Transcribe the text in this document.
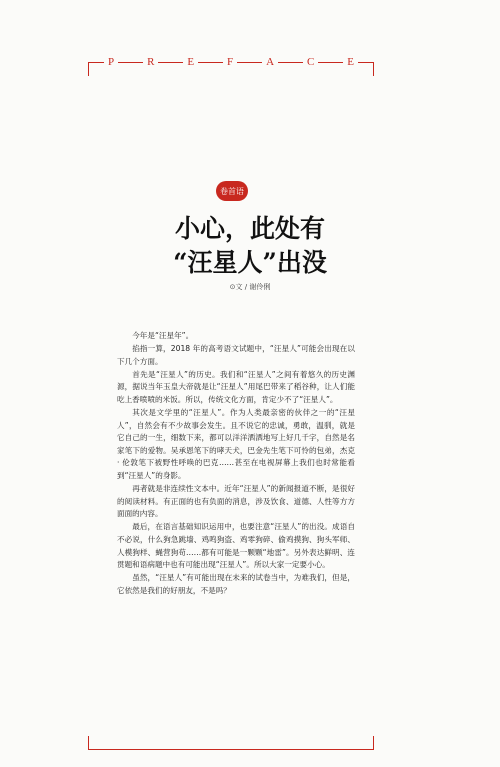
P	R	E	F	A	C	E
卷首语
小心，此处有
“汪星人”出没
⊙文 / 谢伶俐

今年是“汪星年”。

掐指一算，2018 年的高考语文试题中，“汪星人”可能会出现在以下几个方面。

首先是“汪星人”的历史。我们和“汪星人”之间有着悠久的历史渊源，据说当年玉皇大帝就是让“汪星人”用尾巴带来了稻谷种，让人们能吃上香喷喷的米饭。所以，传统文化方面，肯定少不了“汪星人”。

其次是文学里的“汪星人”。作为人类最亲密的伙伴之一的“汪星人”，自然会有不少故事会发生。且不说它的忠诚，勇敢，温驯，就是它自己的一生，细数下来，都可以洋洋洒洒地写上好几千字，自然是名家笔下的爱物。吴承恩笔下的哮天犬，巴金先生笔下可怜的包弟，杰克 · 伦敦笔下被野性呼唤的巴克……甚至在电视屏幕上我们也时常能看到“汪星人”的身影。

再者就是非连续性文本中。近年“汪星人”的新闻报道不断，是很好的阅读材料。有正面的也有负面的消息，涉及饮食、道德、人性等方方面面的内容。

最后，在语言基础知识运用中，也要注意“汪星人”的出没。成语自不必说，什么狗急跳墙、鸡鸣狗盗、鸡零狗碎、偷鸡摸狗、狗头军师、人模狗样、蝇营狗苟……都有可能是一颗颗“地雷”。另外表达鲜明、连贯题和语病题中也有可能出现“汪星人”。所以大家一定要小心。

虽然，“汪星人”有可能出现在未来的试卷当中，为难我们，但是，它依然是我们的好朋友，不是吗？
